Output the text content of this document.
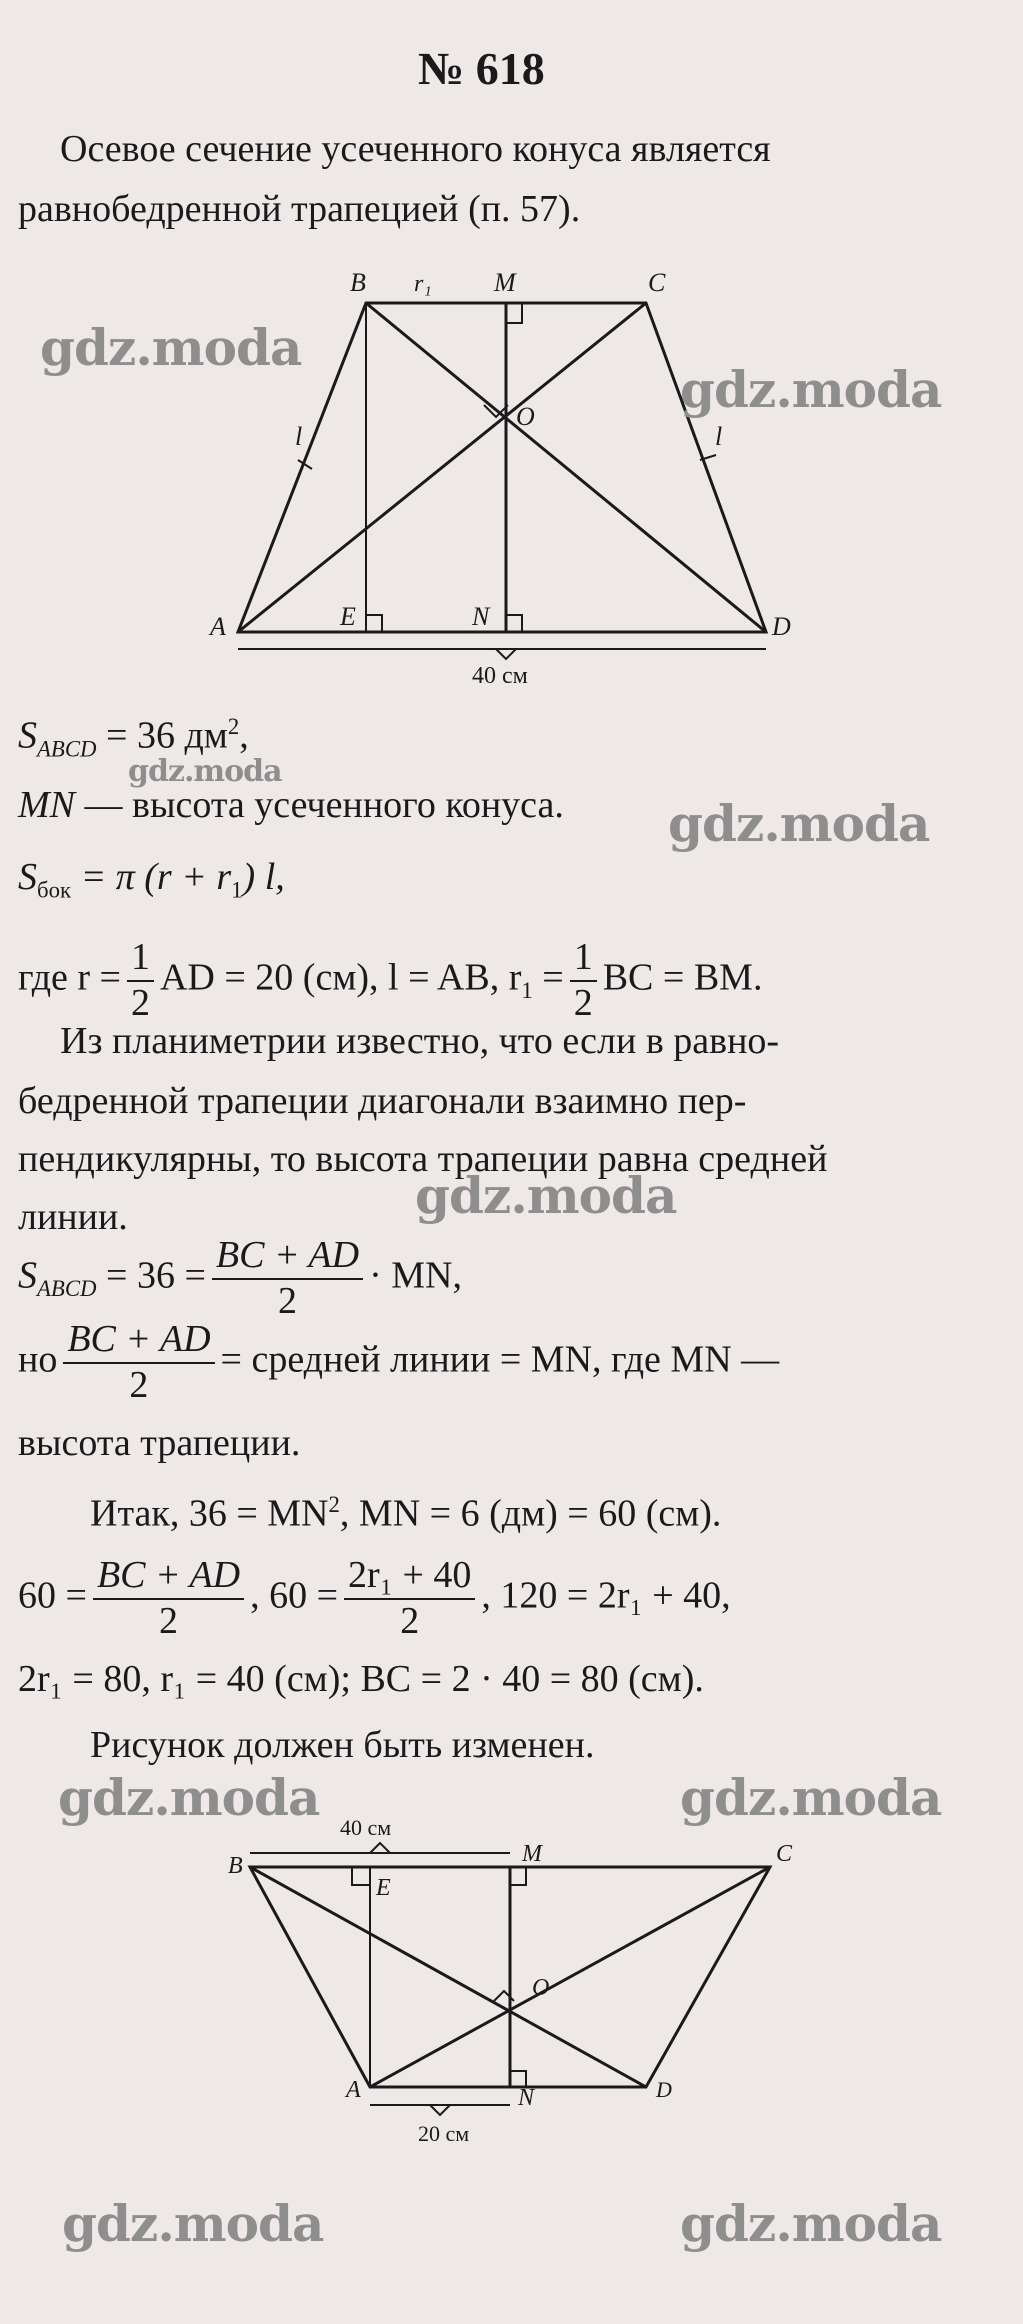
№ 618
Осевое сечение усеченного конуса является
равнобедренной трапецией (п. 57).
B r₁ M	C
O
l	l
A	E	N	D
40 см
$S_{ABCD} = 36$ $дм^2$,
MN — высота усеченного конуса.
$S_{бок} = \pi$ $(r + r_1)$ l,
где $r = \frac{1}{2}$ AD = 20 (см), l = AB, $r_1 = \frac{1}{2}$ BC = BM.
Из планиметрии известно, что если в равно-
бедренной трапеции диагонали взаимно пер-
пендикулярны, то высота трапеции равна средней
линии.
$S_{ABCD} = 36 = \frac{BC + AD}{2}$ · MN,
но $\frac{BC + AD}{2}$ = средней линии = MN, где MN —
высота трапеции.
Итак, $36 = MN^2$, MN = 6 (дм) = 60 (см).
$60 = \frac{BC + AD}{2}$ , $60 = \frac{\text{2r₁ + 40}}{2}$ , 120 = 2r₁ + 40,
2r₁ = 80, r₁ = 40 (см); BC = 2 · 40 = 80 (см).
Рисунок должен быть изменен.
B	M	C
E
O
A	N	D
40 см
20 см
gdz.moda
gdz.moda
gdz.moda
gdz.moda
gdz.moda
gdz.moda	gdz.moda
gdz.moda	gdz.moda
